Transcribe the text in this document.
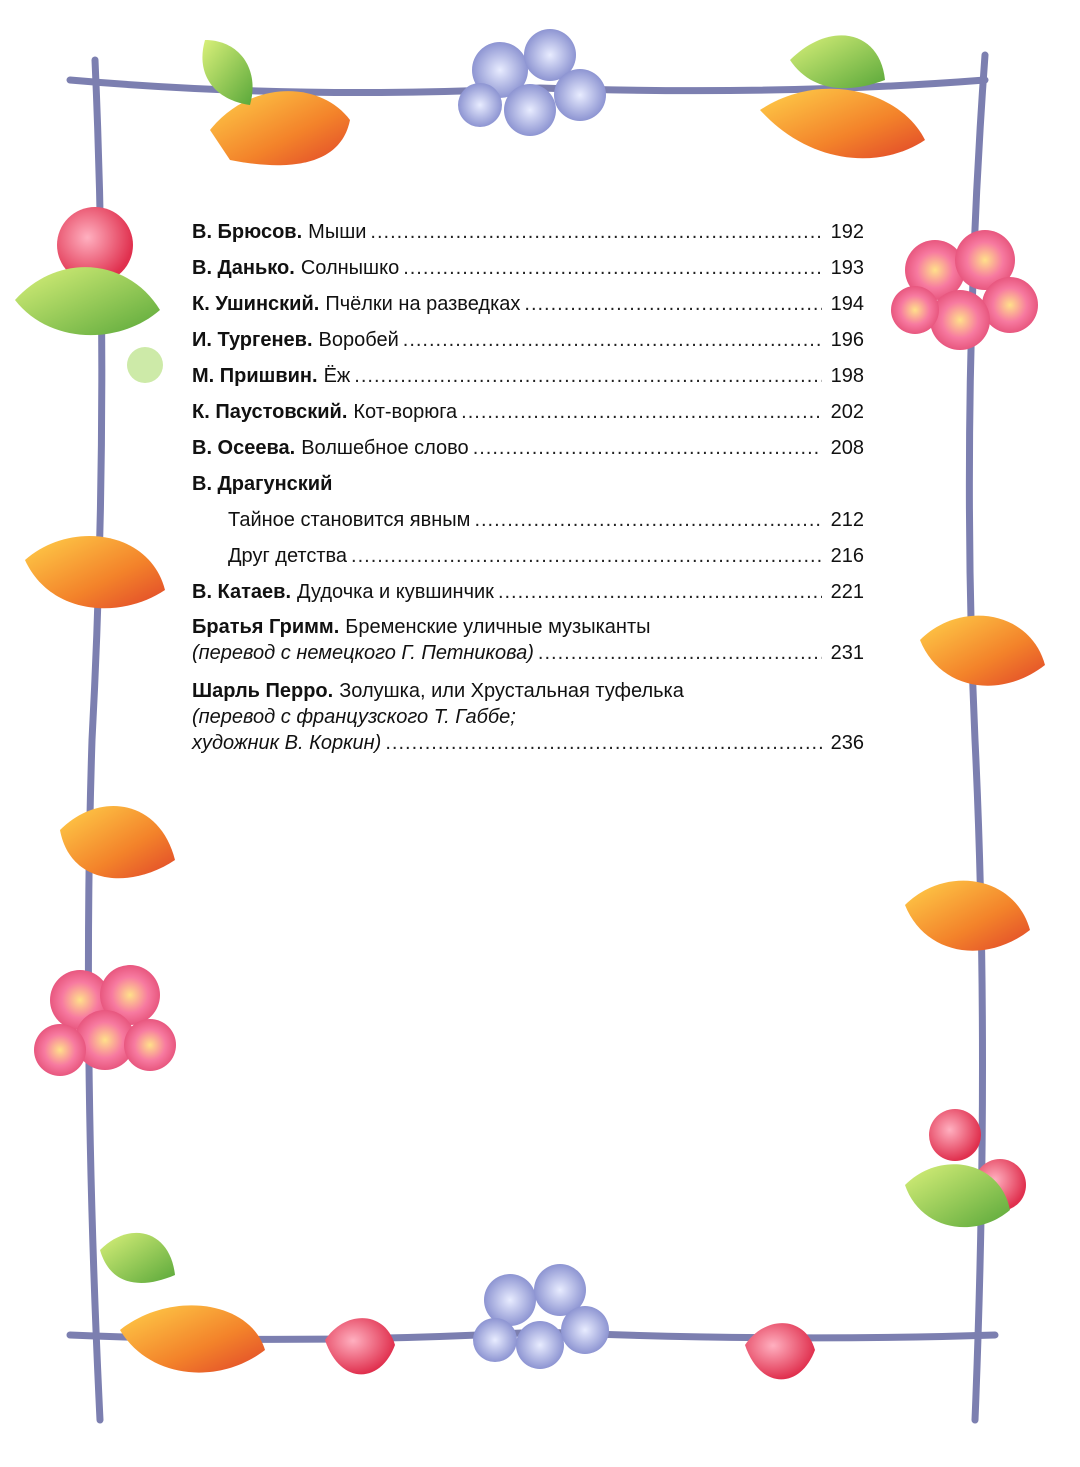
В. Брюсов. Мыши .....	192
В. Данько. Солнышко .....	193
К. Ушинский. Пчёлки на разведках .....	194
И. Тургенев. Воробей .....	196
М. Пришвин. Ёж .....	198
К. Паустовский. Кот-ворюга .....	202
В. Осеева. Волшебное слово .....	208
В. Драгунский
Тайное становится явным .....	212
Друг детства .....	216
В. Катаев. Дудочка и кувшинчик .....	221
Братья Гримм. Бременские уличные музыканты
(перевод с немецкого Г. Петникова) .....	231
Шарль Перро. Золушка, или Хрустальная туфелька
(перевод с французского Т. Габбе;
художник В. Коркин) .....	236
